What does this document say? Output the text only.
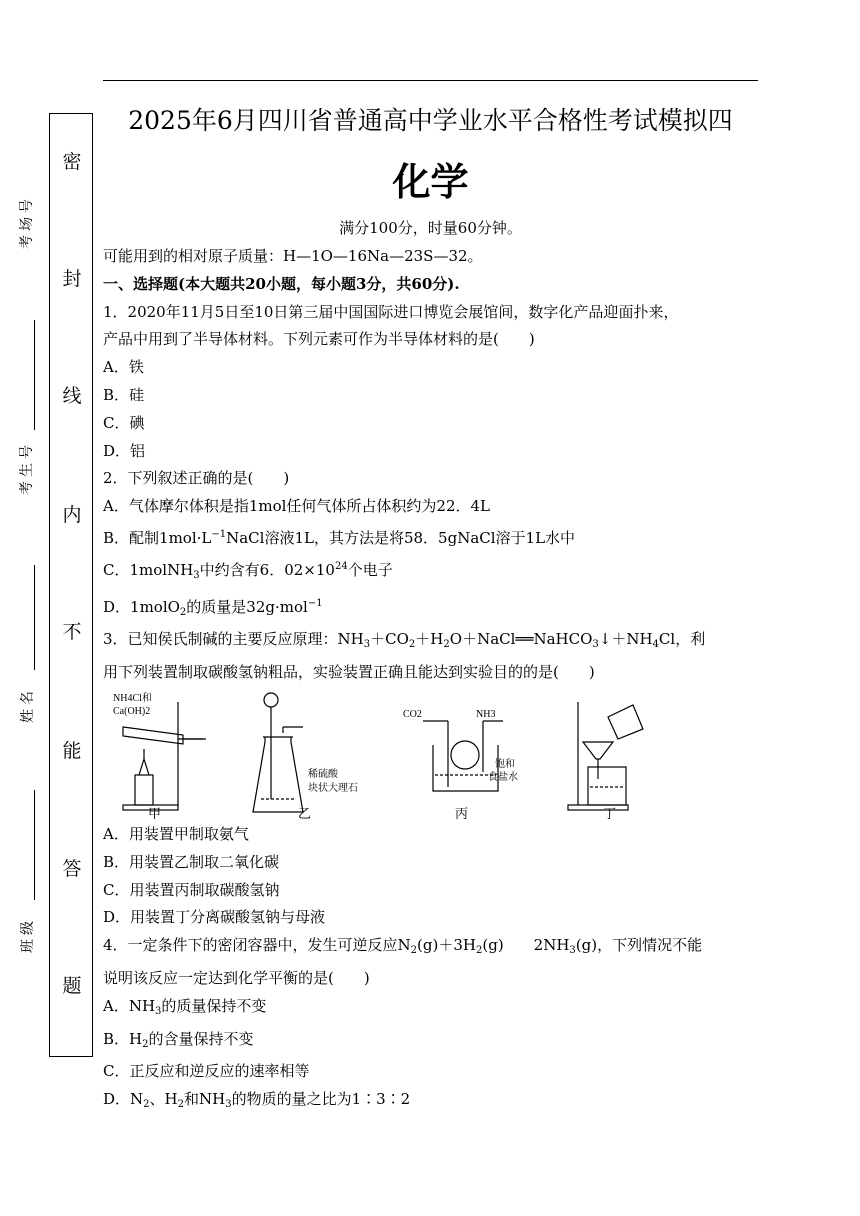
密
封
线
内
不
能
答
题
考场号
考生号
姓名
班级
2025年6月四川省普通高中学业水平合格性考试模拟四
化学
满分100分，时量60分钟。

可能用到的相对原子质量：H—1O—16Na—23S—32。

一、选择题(本大题共20小题，每小题3分，共60分).

1．2020年11月5日至10日第三届中国国际进口博览会展馆间，数字化产品迎面扑来，

产品中用到了半导体材料。下列元素可作为半导体材料的是(　　)

A．铁

B．硅

C．碘

D．铝

2．下列叙述正确的是(　　)

A．气体摩尔体积是指1mol任何气体所占体积约为22．4L

B．配制$1mol\cdot L^{-1}NaCl$溶液1L，其方法是将58．5gNaCl溶于1L水中

C．1molNH$_3$中约含有6．$02\times 10^{24}$个电子

D．1molO$_2$的质量是32g·mol$^{-1}$

3．已知侯氏制碱的主要反应原理：$NH_3+CO_2+H_2O+NaCl══NaHCO_3↓+NH_4Cl$，利

用下列装置制取碳酸氢钠粗品，实验装置正确且能达到实验目的的是(　　)

NH4Cl和
Ca(OH)2
稀硫酸
块状大理石
CO2	NH3
饱和
食盐水
甲	乙	丙	丁

A．用装置甲制取氨气

B．用装置乙制取二氧化碳

C．用装置丙制取碳酸氢钠

D．用装置丁分离碳酸氢钠与母液

4．一定条件下的密闭容器中，发生可逆反应$N_2(g)+3H_2(g)$　　$2NH_3(g)$，下列情况不能

说明该反应一定达到化学平衡的是(　　)

A．$NH_3$的质量保持不变

B．$H_2$的含量保持不变

C．正反应和逆反应的速率相等

D．$N_2$、$H_2$和$NH_3$的物质的量之比为1∶3∶2
